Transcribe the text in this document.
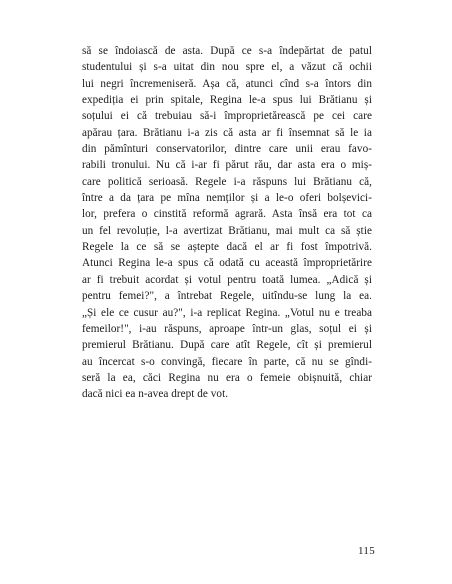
să se îndoiască de asta. După ce s-a îndepărtat de patul
studentului și s-a uitat din nou spre el, a văzut că ochii
lui negri încremeniseră. Așa că, atunci cînd s-a întors din
expediția ei prin spitale, Regina le-a spus lui Brătianu și
soțului ei că trebuiau să-i împroprietărească pe cei care
apărau țara. Brătianu i-a zis că asta ar fi însemnat să le ia
din pămînturi conservatorilor, dintre care unii erau favo-
rabili tronului. Nu că i-ar fi părut rău, dar asta era o miș-
care politică serioasă. Regele i-a răspuns lui Brătianu că,
între a da țara pe mîna nemților și a le-o oferi bolșevici-
lor, prefera o cinstită reformă agrară. Asta însă era tot ca
un fel revoluție, l-a avertizat Brătianu, mai mult ca să știe
Regele la ce să se aștepte dacă el ar fi fost împotrivă.
Atunci Regina le-a spus că odată cu această împroprietărire
ar fi trebuit acordat și votul pentru toată lumea. „Adică și
pentru femei?", a întrebat Regele, uitîndu-se lung la ea.
„Și ele ce cusur au?", i-a replicat Regina. „Votul nu e treaba
femeilor!", i-au răspuns, aproape într-un glas, soțul ei și
premierul Brătianu. După care atît Regele, cît și premierul
au încercat s-o convingă, fiecare în parte, că nu se gîndi-
seră la ea, căci Regina nu era o femeie obișnuită, chiar
dacă nici ea n-avea drept de vot.
115
